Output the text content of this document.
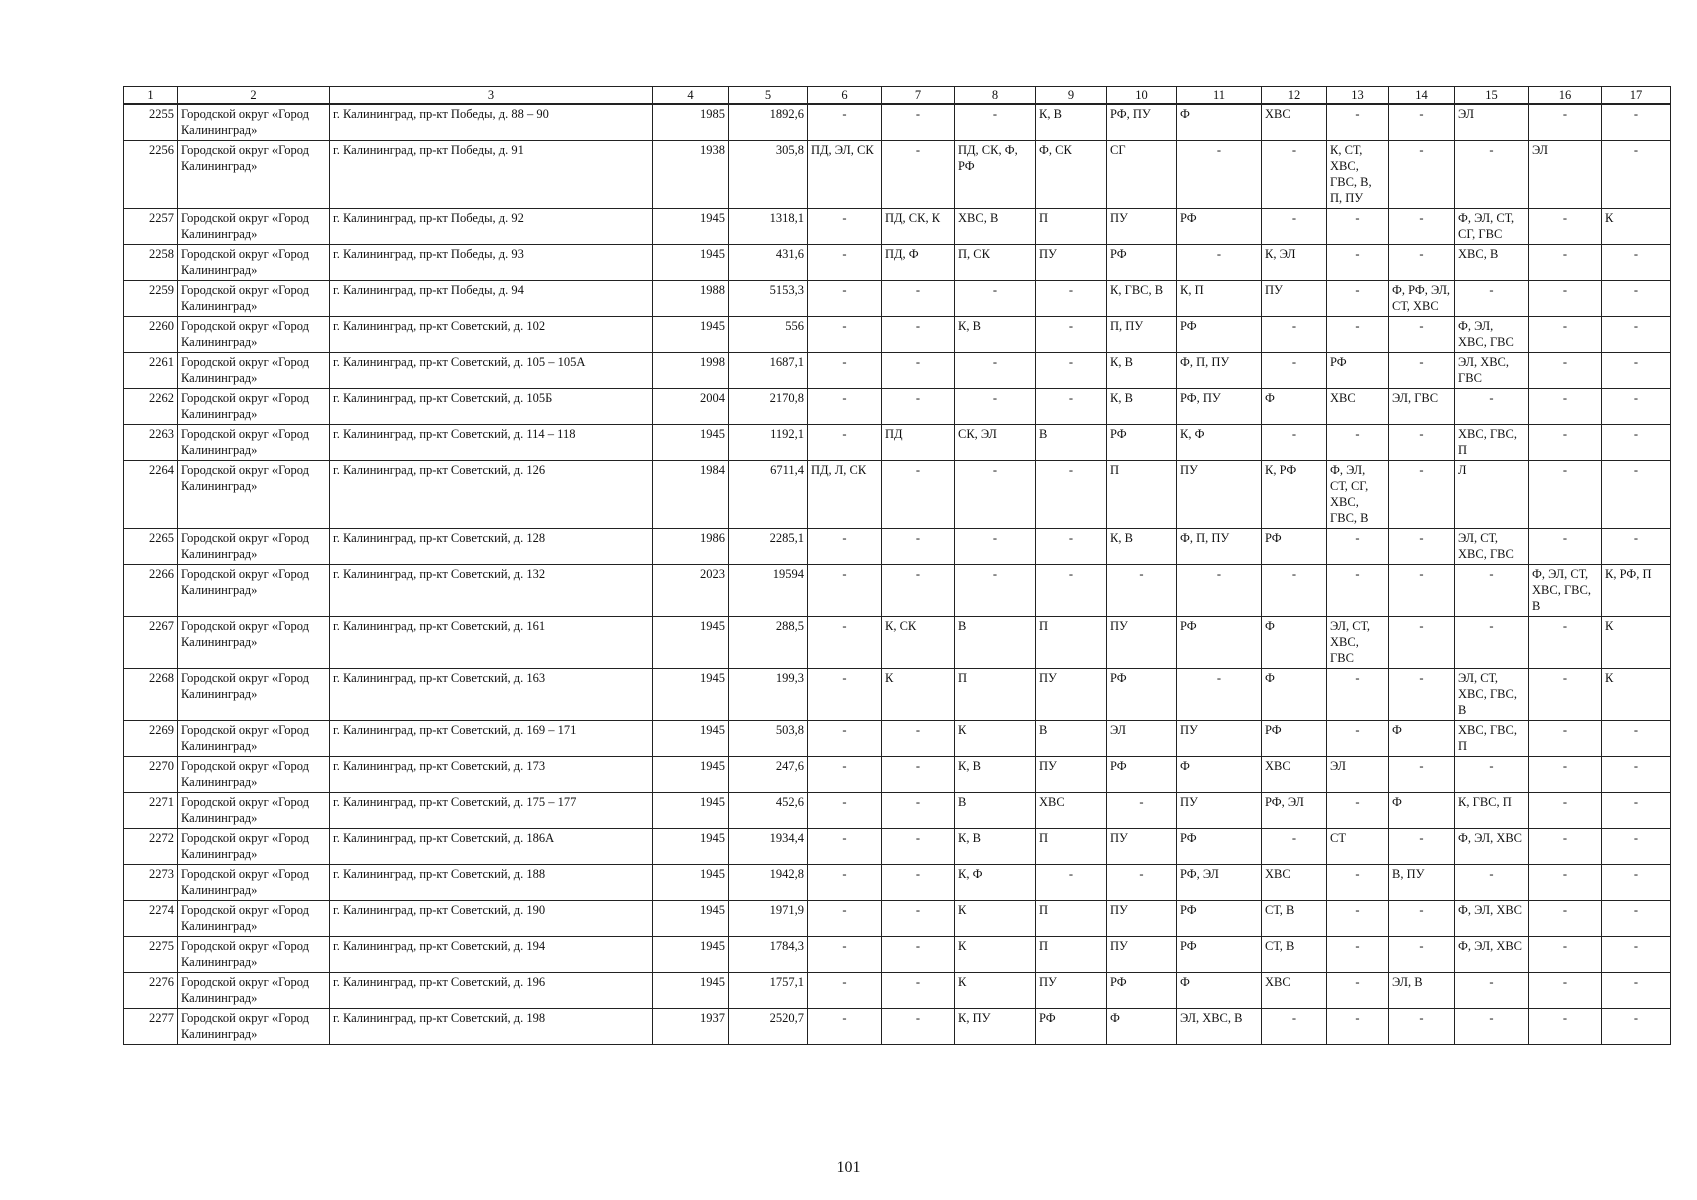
1	2	3	4	5	6	7	8	9	10	11	12	13	14	15	16	17
2255	Городской округ «Город Калининград»	г. Калининград, пр-кт Победы, д. 88 – 90	1985	1892,6	-	-	-	К, В	РФ, ПУ	Ф	ХВС	-	-	ЭЛ	-	-
2256	Городской округ «Город Калининград»	г. Калининград, пр-кт Победы, д. 91	1938	305,8	ПД, ЭЛ, СК	-	ПД, СК, Ф, РФ	Ф, СК	СГ	-	-	К, СТ, ХВС, ГВС, В, П, ПУ	-	-	ЭЛ	-
2257	Городской округ «Город Калининград»	г. Калининград, пр-кт Победы, д. 92	1945	1318,1	-	ПД, СК, К	ХВС, В	П	ПУ	РФ	-	-	-	Ф, ЭЛ, СТ, СГ, ГВС	-	К
2258	Городской округ «Город Калининград»	г. Калининград, пр-кт Победы, д. 93	1945	431,6	-	ПД, Ф	П, СК	ПУ	РФ	-	К, ЭЛ	-	-	ХВС, В	-	-
2259	Городской округ «Город Калининград»	г. Калининград, пр-кт Победы, д. 94	1988	5153,3	-	-	-	-	К, ГВС, В	К, П	ПУ	-	Ф, РФ, ЭЛ, СТ, ХВС	-	-	-
2260	Городской округ «Город Калининград»	г. Калининград, пр-кт Советский, д. 102	1945	556	-	-	К, В	-	П, ПУ	РФ	-	-	-	Ф, ЭЛ, ХВС, ГВС	-	-
2261	Городской округ «Город Калининград»	г. Калининград, пр-кт Советский, д. 105 – 105А	1998	1687,1	-	-	-	-	К, В	Ф, П, ПУ	-	РФ	-	ЭЛ, ХВС, ГВС	-	-
2262	Городской округ «Город Калининград»	г. Калининград, пр-кт Советский, д. 105Б	2004	2170,8	-	-	-	-	К, В	РФ, ПУ	Ф	ХВС	ЭЛ, ГВС	-	-	-
2263	Городской округ «Город Калининград»	г. Калининград, пр-кт Советский, д. 114 – 118	1945	1192,1	-	ПД	СК, ЭЛ	В	РФ	К, Ф	-	-	-	ХВС, ГВС, П	-	-
2264	Городской округ «Город Калининград»	г. Калининград, пр-кт Советский, д. 126	1984	6711,4	ПД, Л, СК	-	-	-	П	ПУ	К, РФ	Ф, ЭЛ, СТ, СГ, ХВС, ГВС, В	-	Л	-	-
2265	Городской округ «Город Калининград»	г. Калининград, пр-кт Советский, д. 128	1986	2285,1	-	-	-	-	К, В	Ф, П, ПУ	РФ	-	-	ЭЛ, СТ, ХВС, ГВС	-	-
2266	Городской округ «Город Калининград»	г. Калининград, пр-кт Советский, д. 132	2023	19594	-	-	-	-	-	-	-	-	-	-	Ф, ЭЛ, СТ, ХВС, ГВС, В	К, РФ, П
2267	Городской округ «Город Калининград»	г. Калининград, пр-кт Советский, д. 161	1945	288,5	-	К, СК	В	П	ПУ	РФ	Ф	ЭЛ, СТ, ХВС, ГВС	-	-	-	К
2268	Городской округ «Город Калининград»	г. Калининград, пр-кт Советский, д. 163	1945	199,3	-	К	П	ПУ	РФ	-	Ф	-	-	ЭЛ, СТ, ХВС, ГВС, В	-	К
2269	Городской округ «Город Калининград»	г. Калининград, пр-кт Советский, д. 169 – 171	1945	503,8	-	-	К	В	ЭЛ	ПУ	РФ	-	Ф	ХВС, ГВС, П	-	-
2270	Городской округ «Город Калининград»	г. Калининград, пр-кт Советский, д. 173	1945	247,6	-	-	К, В	ПУ	РФ	Ф	ХВС	ЭЛ	-	-	-	-
2271	Городской округ «Город Калининград»	г. Калининград, пр-кт Советский, д. 175 – 177	1945	452,6	-	-	В	ХВС	-	ПУ	РФ, ЭЛ	-	Ф	К, ГВС, П	-	-
2272	Городской округ «Город Калининград»	г. Калининград, пр-кт Советский, д. 186А	1945	1934,4	-	-	К, В	П	ПУ	РФ	-	СТ	-	Ф, ЭЛ, ХВС	-	-
2273	Городской округ «Город Калининград»	г. Калининград, пр-кт Советский, д. 188	1945	1942,8	-	-	К, Ф	-	-	РФ, ЭЛ	ХВС	-	В, ПУ	-	-	-
2274	Городской округ «Город Калининград»	г. Калининград, пр-кт Советский, д. 190	1945	1971,9	-	-	К	П	ПУ	РФ	СТ, В	-	-	Ф, ЭЛ, ХВС	-	-
2275	Городской округ «Город Калининград»	г. Калининград, пр-кт Советский, д. 194	1945	1784,3	-	-	К	П	ПУ	РФ	СТ, В	-	-	Ф, ЭЛ, ХВС	-	-
2276	Городской округ «Город Калининград»	г. Калининград, пр-кт Советский, д. 196	1945	1757,1	-	-	К	ПУ	РФ	Ф	ХВС	-	ЭЛ, В	-	-	-
2277	Городской округ «Город Калининград»	г. Калининград, пр-кт Советский, д. 198	1937	2520,7	-	-	К, ПУ	РФ	Ф	ЭЛ, ХВС, В	-	-	-	-	-	-
101
